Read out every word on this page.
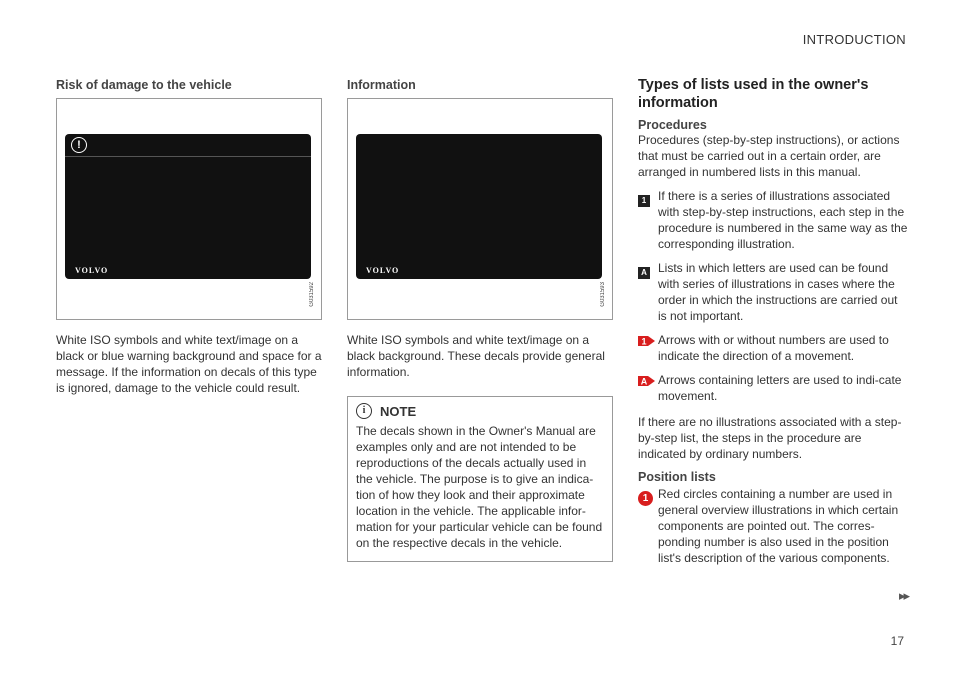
INTRODUCTION
Risk of damage to the vehicle
!
VOLVO
G031592

White ISO symbols and white text/image on a black or blue warning background and space for a message. If the information on decals of this type is ignored, damage to the vehicle could result.

Information
VOLVO
G031593

White ISO symbols and white text/image on a black background. These decals provide general information.

i	NOTE

The decals shown in the Owner's Manual are examples only and are not intended to be reproductions of the decals actually used in the vehicle. The purpose is to give an indica-tion of how they look and their approximate location in the vehicle. The applicable infor-mation for your particular vehicle can be found on the respective decals in the vehicle.

Types of lists used in the owner's information
Procedures

Procedures (step-by-step instructions), or actions that must be carried out in a certain order, are arranged in numbered lists in this manual.

1 If there is a series of illustrations associated with step-by-step instructions, each step in the procedure is numbered in the same way as the corresponding illustration.

A Lists in which letters are used can be found with series of illustrations in cases where the order in which the instructions are carried out is not important.

1 Arrows with or without numbers are used to indicate the direction of a movement.

A Arrows containing letters are used to indi-cate movement.

If there are no illustrations associated with a step-by-step list, the steps in the procedure are indicated by ordinary numbers.

Position lists
1 Red circles containing a number are used in general overview illustrations in which certain components are pointed out. The corres-ponding number is also used in the position list's description of the various components.

▸▸
17
